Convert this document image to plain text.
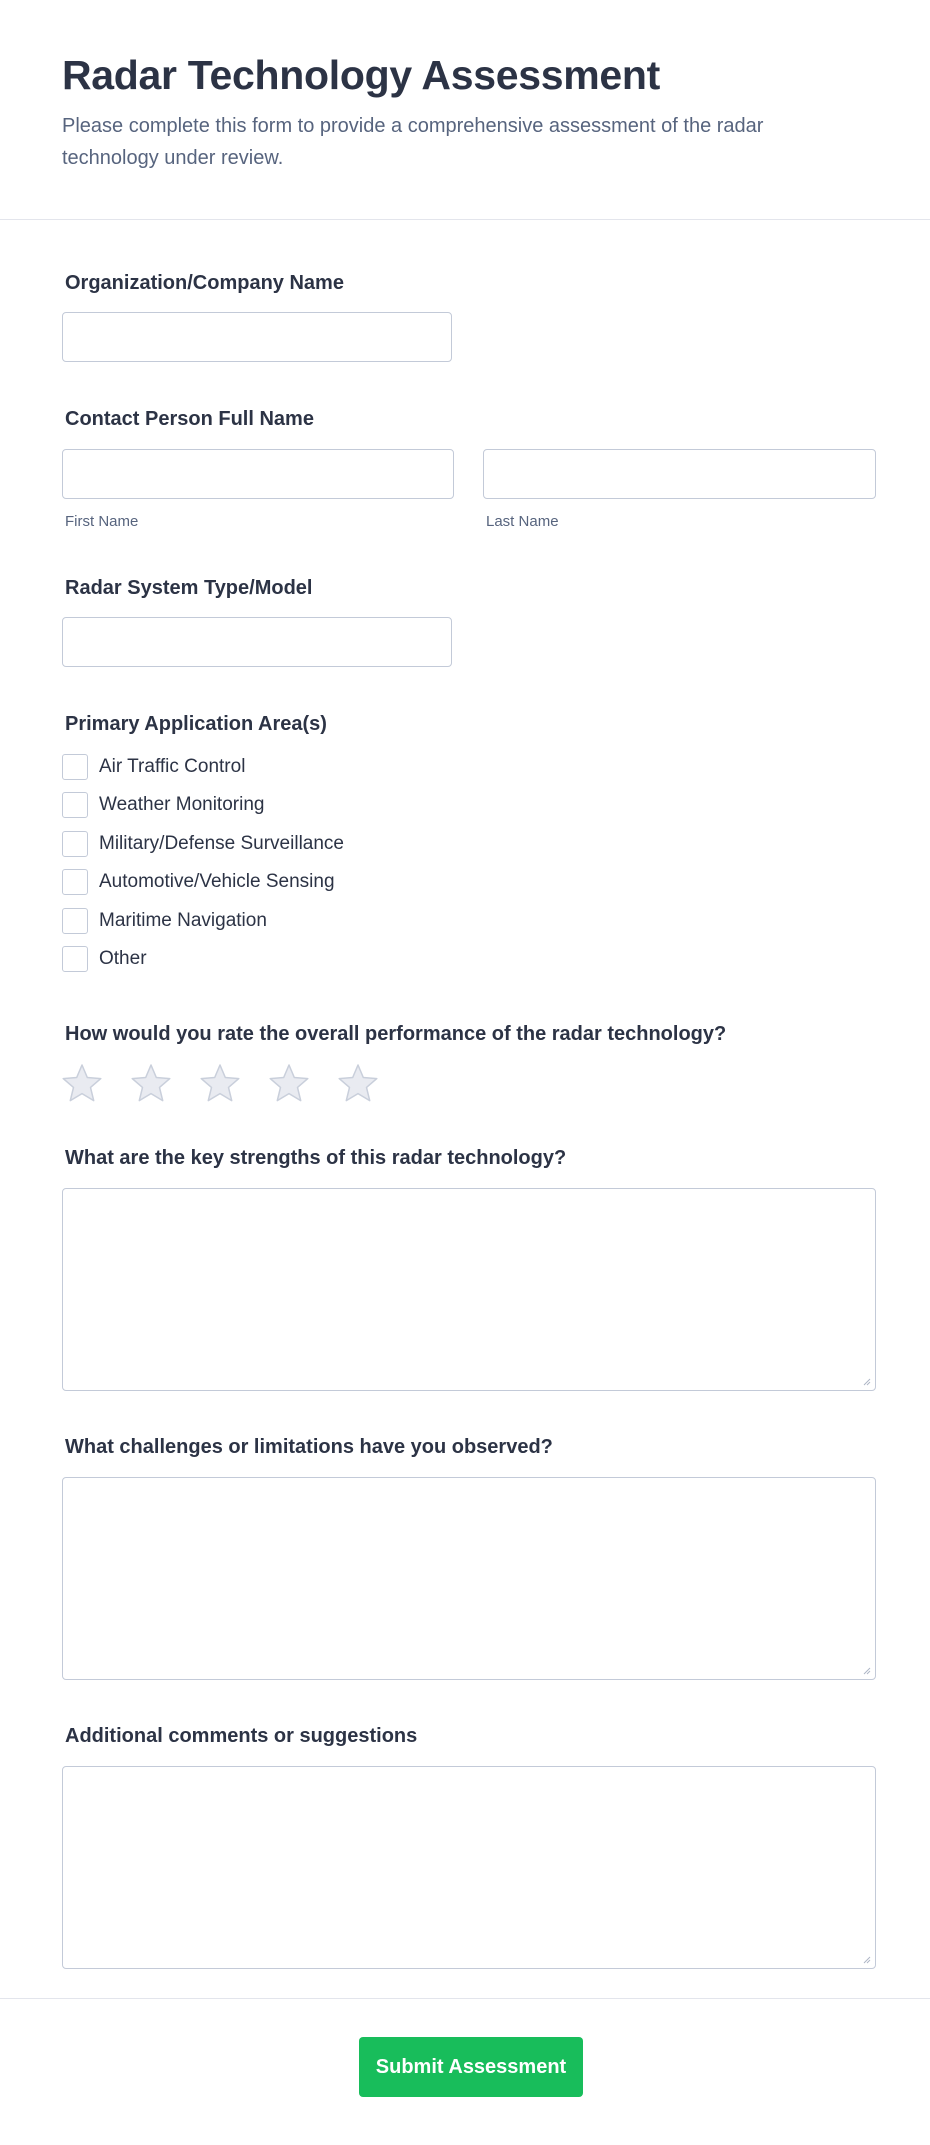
Radar Technology Assessment

Please complete this form to provide a comprehensive assessment of the radar technology under review.

Organization/Company Name
Contact Person Full Name
First Name	Last Name
Radar System Type/Model
Primary Application Area(s)
Air Traffic Control
Weather Monitoring
Military/Defense Surveillance
Automotive/Vehicle Sensing
Maritime Navigation
Other
How would you rate the overall performance of the radar technology?
What are the key strengths of this radar technology?
What challenges or limitations have you observed?
Additional comments or suggestions
Submit Assessment
